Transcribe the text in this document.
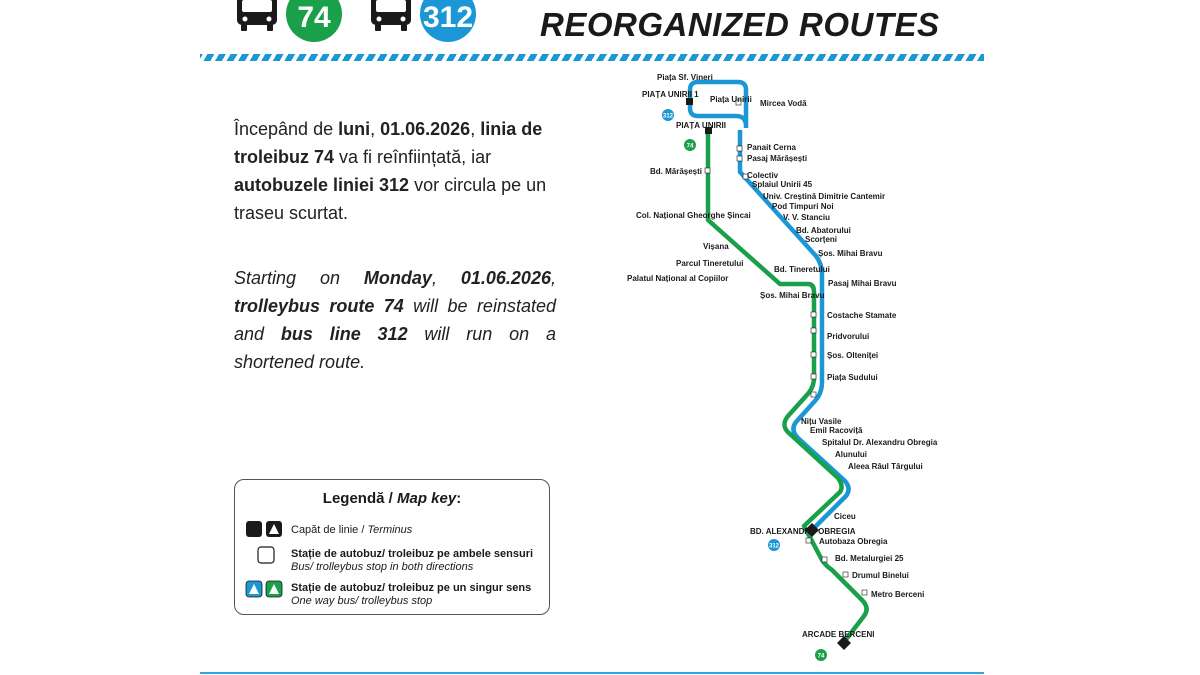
74	312 REORGANIZED ROUTES
Începând de luni, 01.06.2026, linia de troleibuz 74 va fi reînființată, iar autobuzele liniei 312 vor circula pe un traseu scurtat.
Starting on Monday, 01.06.2026, trolleybus route 74 will be reinstated and bus line 312 will run on a shortened route.
Legendă / Map key:
Capăt de linie / Terminus
Stație de autobuz/ troleibuz pe ambele sensuri
Bus/ trolleybus stop in both directions
Stație de autobuz/ troleibuz pe un singur sens
One way bus/ trolleybus stop
312
74
312
74
Piața Sf. Vineri
PIAȚA UNIRII 1
Piața Unirii Mircea Vodă
PIAȚA UNIRII
Panait Cerna
Pasaj Mărășești
Bd. Mărășești	Colectiv
Splaiul Unirii 45
Univ. Creștină Dimitrie Cantemir
Pod Timpuri Noi
V. V. Stanciu
Bd. Abatorului
Scorțeni
Col. Național Gheorghe Șincai
Vișana
Parcul Tineretului
Palatul Național al Copiilor
Șos. Mihai Bravu
Bd. Tineretului
Pasaj Mihai Bravu
Șos. Mihai Bravu
Costache Stamate
Pridvorului
Șos. Olteniței
Piața Sudului
Nițu Vasile
Emil Racoviță
Spitalul Dr. Alexandru Obregia
Alunului
Aleea Râul Târgului
Ciceu
BD. ALEXANDRU OBREGIA
Autobaza Obregia
Bd. Metalurgiei 25
Drumul Binelui
Metro Berceni
ARCADE BERCENI
